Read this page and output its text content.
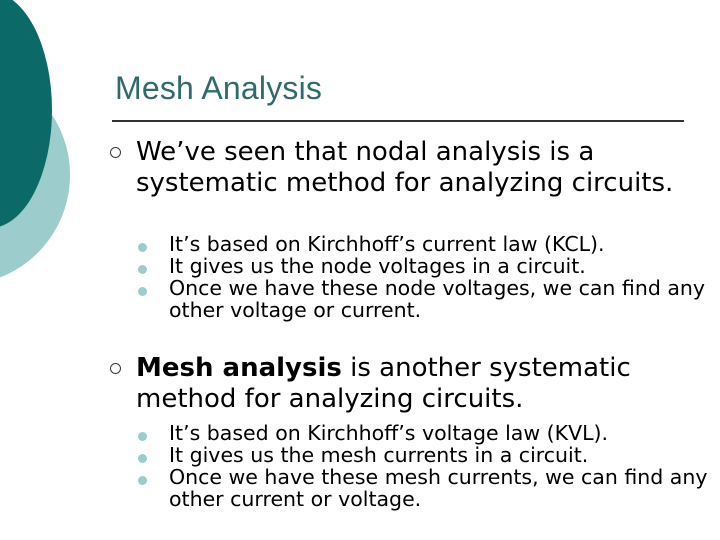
Mesh Analysis
We’ve seen that nodal analysis is a systematic method for analyzing circuits.
It’s based on Kirchhoff’s current law (KCL).
It gives us the node voltages in a circuit.
Once we have these node voltages, we can find any other voltage or current.
Mesh analysis is another systematic method for analyzing circuits.
It’s based on Kirchhoff’s voltage law (KVL).
It gives us the mesh currents in a circuit.
Once we have these mesh currents, we can find any other current or voltage.
